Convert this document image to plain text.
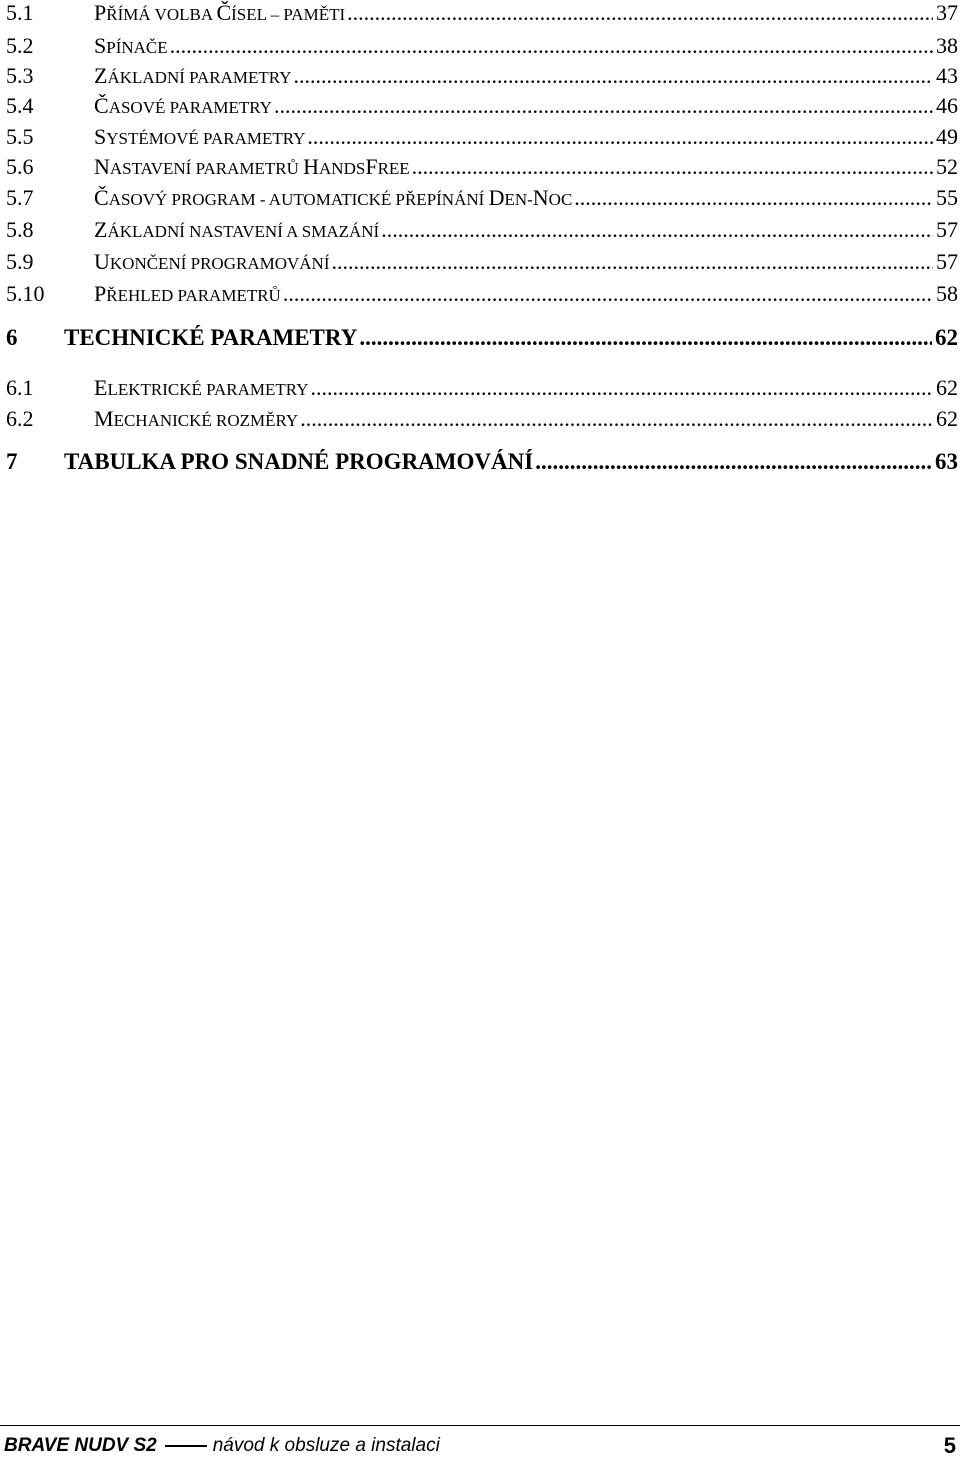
5.1	PŘÍMÁ VOLBA ČÍSEL – PAMĚTI .....	37
5.2	SPÍNAČE .....	38
5.3	ZÁKLADNÍ PARAMETRY .....	43
5.4	ČASOVÉ PARAMETRY .....	46
5.5	SYSTÉMOVÉ PARAMETRY .....	49
5.6	NASTAVENÍ PARAMETRŮ HANDSFREE .....	52
5.7	ČASOVÝ PROGRAM - AUTOMATICKÉ PŘEPÍNÁNÍ DEN-NOC .....	55
5.8	ZÁKLADNÍ NASTAVENÍ A SMAZÁNÍ .....	57
5.9	UKONČENÍ PROGRAMOVÁNÍ .....	57
5.10	PŘEHLED PARAMETRŮ .....	58
6	TECHNICKÉ PARAMETRY .....	62
6.1	ELEKTRICKÉ PARAMETRY .....	62
6.2	MECHANICKÉ ROZMĚRY .....	62
7	TABULKA PRO SNADNÉ PROGRAMOVÁNÍ .....	63
BRAVE NUDV S2	návod k obsluze a instalaci	5
